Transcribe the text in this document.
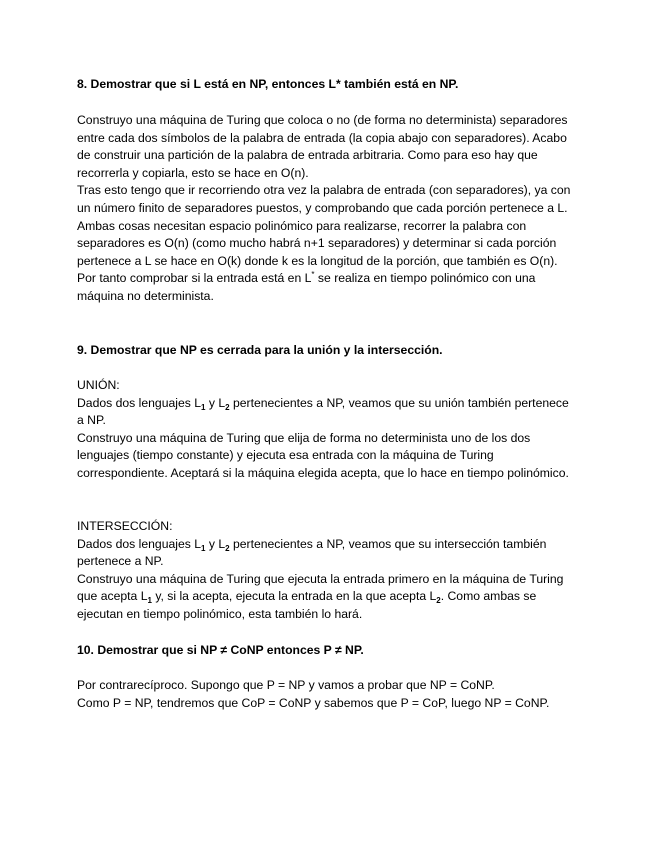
8. Demostrar que si L está en NP, entonces L* también está en NP.

Construyo una máquina de Turing que coloca o no (de forma no determinista) separadores entre cada dos símbolos de la palabra de entrada (la copia abajo con separadores). Acabo de construir una partición de la palabra de entrada arbitraria. Como para eso hay que recorrerla y copiarla, esto se hace en O(n).

Tras esto tengo que ir recorriendo otra vez la palabra de entrada (con separadores), ya con un número finito de separadores puestos, y comprobando que cada porción pertenece a L. Ambas cosas necesitan espacio polinómico para realizarse, recorrer la palabra con separadores es O(n) (como mucho habrá n+1 separadores) y determinar si cada porción pertenece a L se hace en O(k) donde k es la longitud de la porción, que también es O(n). Por tanto comprobar si la entrada está en L* se realiza en tiempo polinómico con una máquina no determinista.

9. Demostrar que NP es cerrada para la unión y la intersección.

UNIÓN:

Dados dos lenguajes $L_1$ y $L_2$ pertenecientes a NP, veamos que su unión también pertenece a NP.

Construyo una máquina de Turing que elija de forma no determinista uno de los dos lenguajes (tiempo constante) y ejecuta esa entrada con la máquina de Turing correspondiente. Aceptará si la máquina elegida acepta, que lo hace en tiempo polinómico.

INTERSECCIÓN:

Dados dos lenguajes $L_1$ y $L_2$ pertenecientes a NP, veamos que su intersección también pertenece a NP.

Construyo una máquina de Turing que ejecuta la entrada primero en la máquina de Turing que acepta $L_1$ y, si la acepta, ejecuta la entrada en la que acepta $L_2$. Como ambas se ejecutan en tiempo polinómico, esta también lo hará.

10. Demostrar que si NP ≠ CoNP entonces P ≠ NP.

Por contrarecíproco. Supongo que P = NP y vamos a probar que NP = CoNP.

Como P = NP, tendremos que CoP = CoNP y sabemos que P = CoP, luego NP = CoNP.
